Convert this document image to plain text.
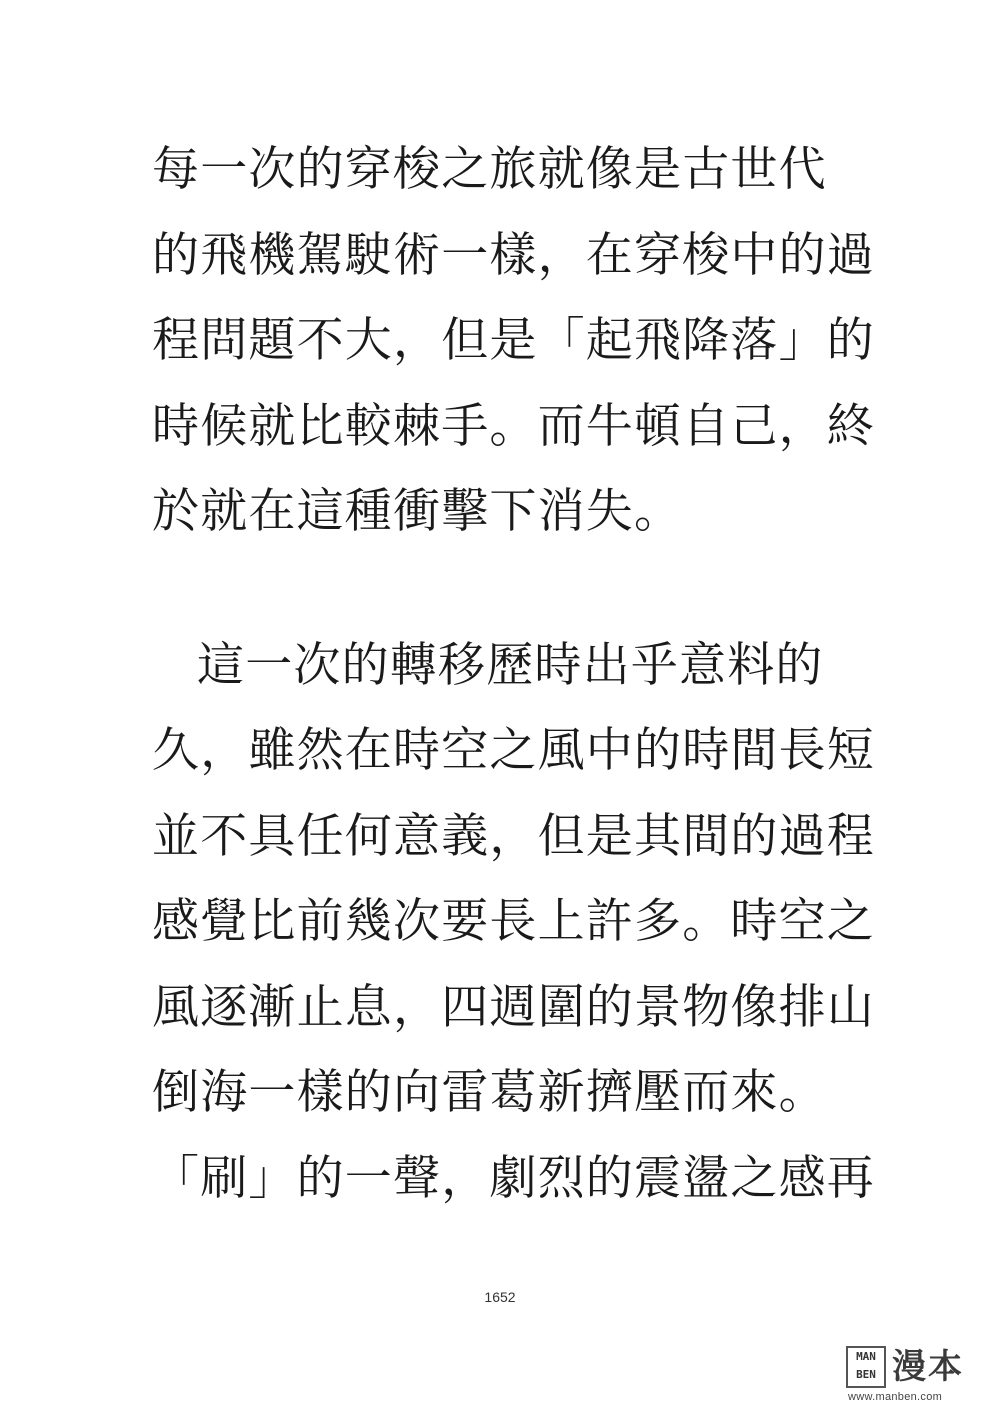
每一次的穿梭之旅就像是古世代
的飛機駕駛術一樣，在穿梭中的過
程問題不大，但是「起飛降落」的
時候就比較棘手。而牛頓自己，終
於就在這種衝擊下消失。
這一次的轉移歷時出乎意料的
久，雖然在時空之風中的時間長短
並不具任何意義，但是其間的過程
感覺比前幾次要長上許多。時空之
風逐漸止息，四週圍的景物像排山
倒海一樣的向雷葛新擠壓而來。
「刷」的一聲，劇烈的震盪之感再
1652
MAN BEN 漫本
www.manben.com
